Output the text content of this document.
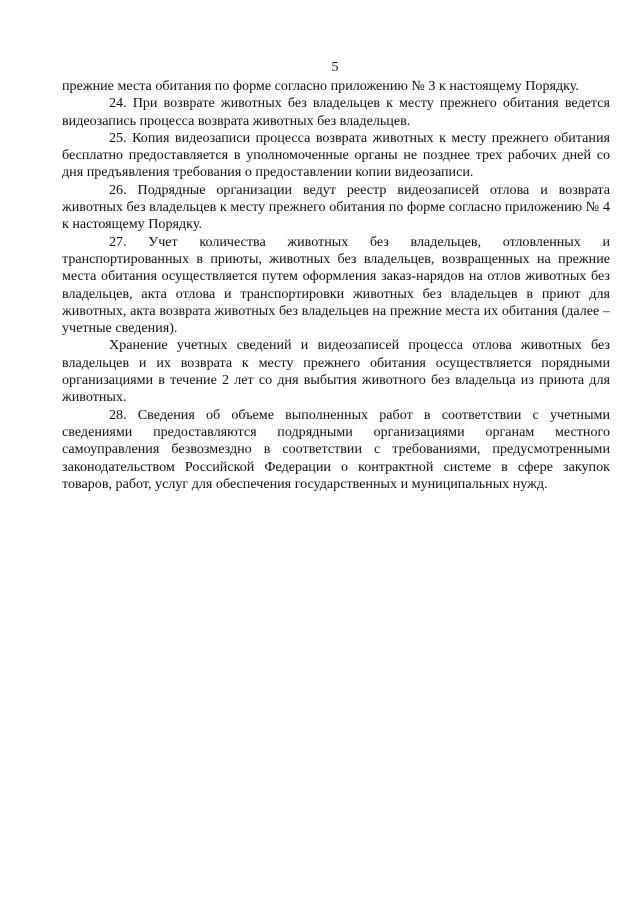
5

прежние места обитания по форме согласно приложению № 3 к настоящему Порядку.

24. При возврате животных без владельцев к месту прежнего обитания ведется видеозапись процесса возврата животных без владельцев.

25. Копия видеозаписи процесса возврата животных к месту прежнего обитания бесплатно предоставляется в уполномоченные органы не позднее трех рабочих дней со дня предъявления требования о предоставлении копии видеозаписи.

26. Подрядные организации ведут реестр видеозаписей отлова и возврата животных без владельцев к месту прежнего обитания по форме согласно приложению № 4 к настоящему Порядку.

27. Учет количества животных без владельцев, отловленных и транспортированных в приюты, животных без владельцев, возвращенных на прежние места обитания осуществляется путем оформления заказ-нарядов на отлов животных без владельцев, акта отлова и транспортировки животных без владельцев в приют для животных, акта возврата животных без владельцев на прежние места их обитания (далее – учетные сведения).

Хранение учетных сведений и видеозаписей процесса отлова животных без владельцев и их возврата к месту прежнего обитания осуществляется порядными организациями в течение 2 лет со дня выбытия животного без владельца из приюта для животных.

28. Сведения об объеме выполненных работ в соответствии с учетными сведениями предоставляются подрядными организациями органам местного самоуправления безвозмездно в соответствии с требованиями, предусмотренными законодательством Российской Федерации о контрактной системе в сфере закупок товаров, работ, услуг для обеспечения государственных и муниципальных нужд.
